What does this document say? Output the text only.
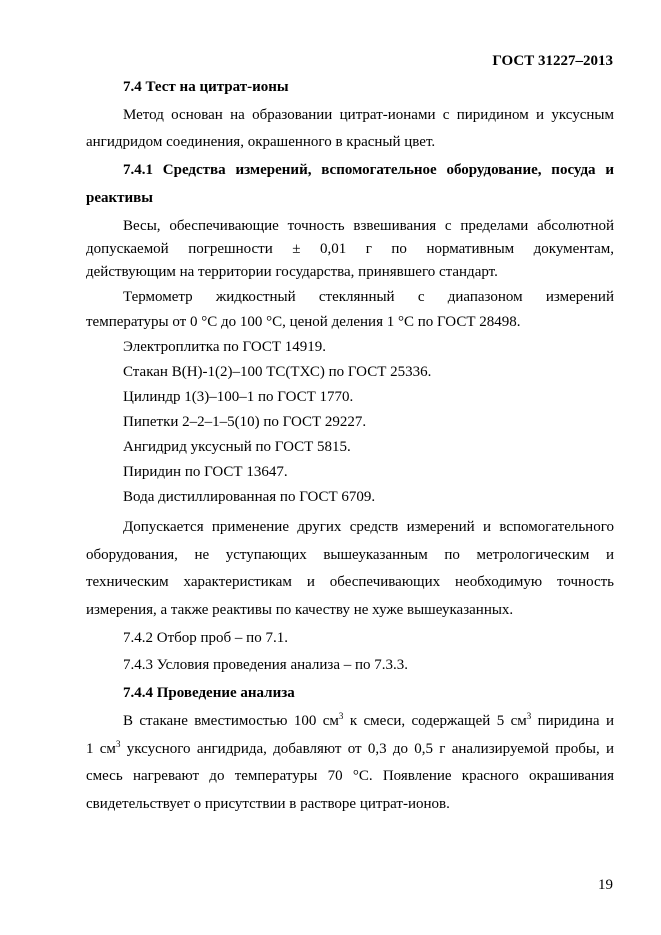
ГОСТ 31227–2013
7.4 Тест на цитрат-ионы
Метод основан на образовании цитрат-ионами с пиридином и уксусным
ангидридом соединения, окрашенного в красный цвет.
7.4.1 Средства измерений, вспомогательное оборудование, посуда и
реактивы
Весы, обеспечивающие точность взвешивания с пределами абсолютной
допускаемой погрешности ± 0,01 г по нормативным документам,
действующим на территории государства, принявшего стандарт.
Термометр жидкостный стеклянный с диапазоном измерений
температуры от 0 °С до 100 °С, ценой деления 1 °С по ГОСТ 28498.
Электроплитка по ГОСТ 14919.
Стакан В(Н)-1(2)–100 ТС(ТХС) по ГОСТ 25336.
Цилиндр 1(3)–100–1 по ГОСТ 1770.
Пипетки 2–2–1–5(10) по ГОСТ 29227.
Ангидрид уксусный по ГОСТ 5815.
Пиридин по ГОСТ 13647.
Вода дистиллированная по ГОСТ 6709.
Допускается применение других средств измерений и вспомогательного
оборудования, не уступающих вышеуказанным по метрологическим и
техническим характеристикам и обеспечивающих необходимую точность
измерения, а также реактивы по качеству не хуже вышеуказанных.
7.4.2 Отбор проб – по 7.1.
7.4.3 Условия проведения анализа – по 7.3.3.
7.4.4 Проведение анализа
В стакане вместимостью 100 $см^3$ к смеси, содержащей 5 $см^3$ пиридина и
1 $см^3$ уксусного ангидрида, добавляют от 0,3 до 0,5 г анализируемой пробы, и
смесь нагревают до температуры 70 °С. Появление красного окрашивания
свидетельствует о присутствии в растворе цитрат-ионов.
19
